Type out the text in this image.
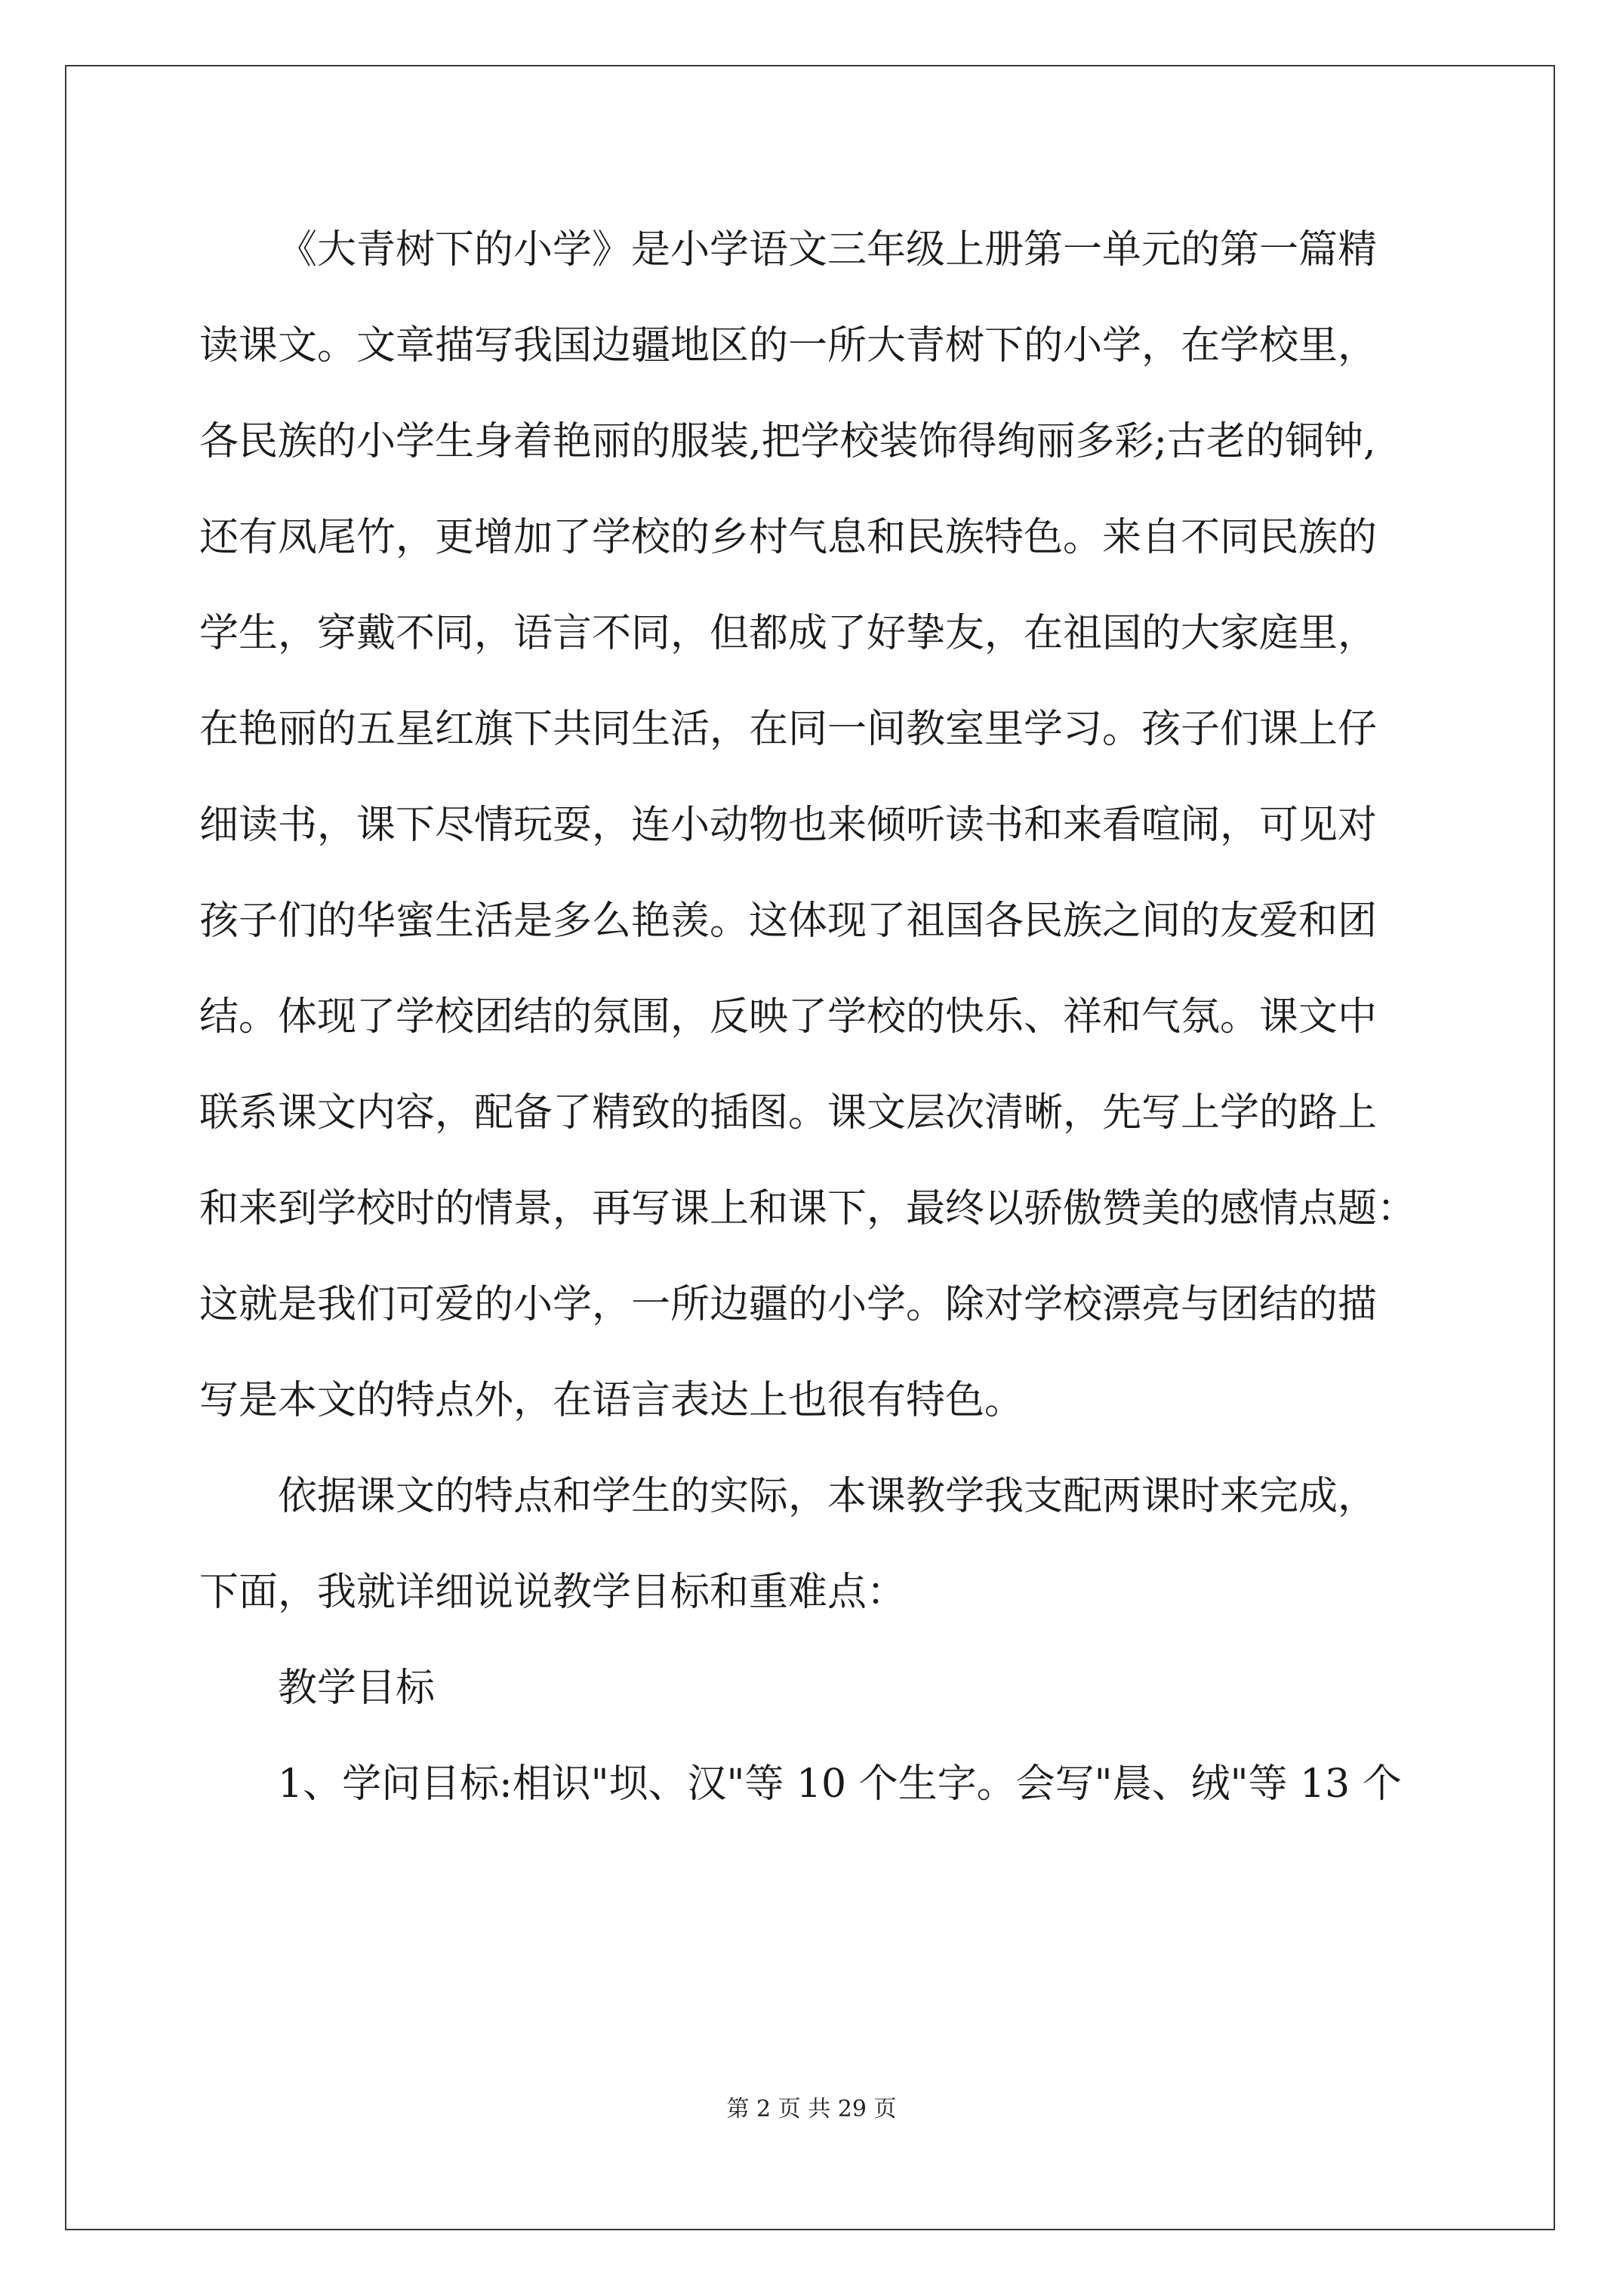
《大青树下的小学》是小学语文三年级上册第一单元的第一篇精
读课文。文章描写我国边疆地区的一所大青树下的小学，在学校里，
各民族的小学生身着艳丽的服装,把学校装饰得绚丽多彩;古老的铜钟,
还有凤尾竹，更增加了学校的乡村气息和民族特色。来自不同民族的
学生，穿戴不同，语言不同，但都成了好挚友，在祖国的大家庭里，
在艳丽的五星红旗下共同生活，在同一间教室里学习。孩子们课上仔
细读书，课下尽情玩耍，连小动物也来倾听读书和来看喧闹，可见对
孩子们的华蜜生活是多么艳羡。这体现了祖国各民族之间的友爱和团
结。体现了学校团结的氛围，反映了学校的快乐、祥和气氛。课文中
联系课文内容，配备了精致的插图。课文层次清晰，先写上学的路上
和来到学校时的情景，再写课上和课下，最终以骄傲赞美的感情点题：
这就是我们可爱的小学，一所边疆的小学。除对学校漂亮与团结的描
写是本文的特点外，在语言表达上也很有特色。
依据课文的特点和学生的实际，本课教学我支配两课时来完成，
下面，我就详细说说教学目标和重难点：
教学目标
1、学问目标:相识"坝、汉"等 10 个生字。会写"晨、绒"等 13 个
第 2 页 共 29 页
